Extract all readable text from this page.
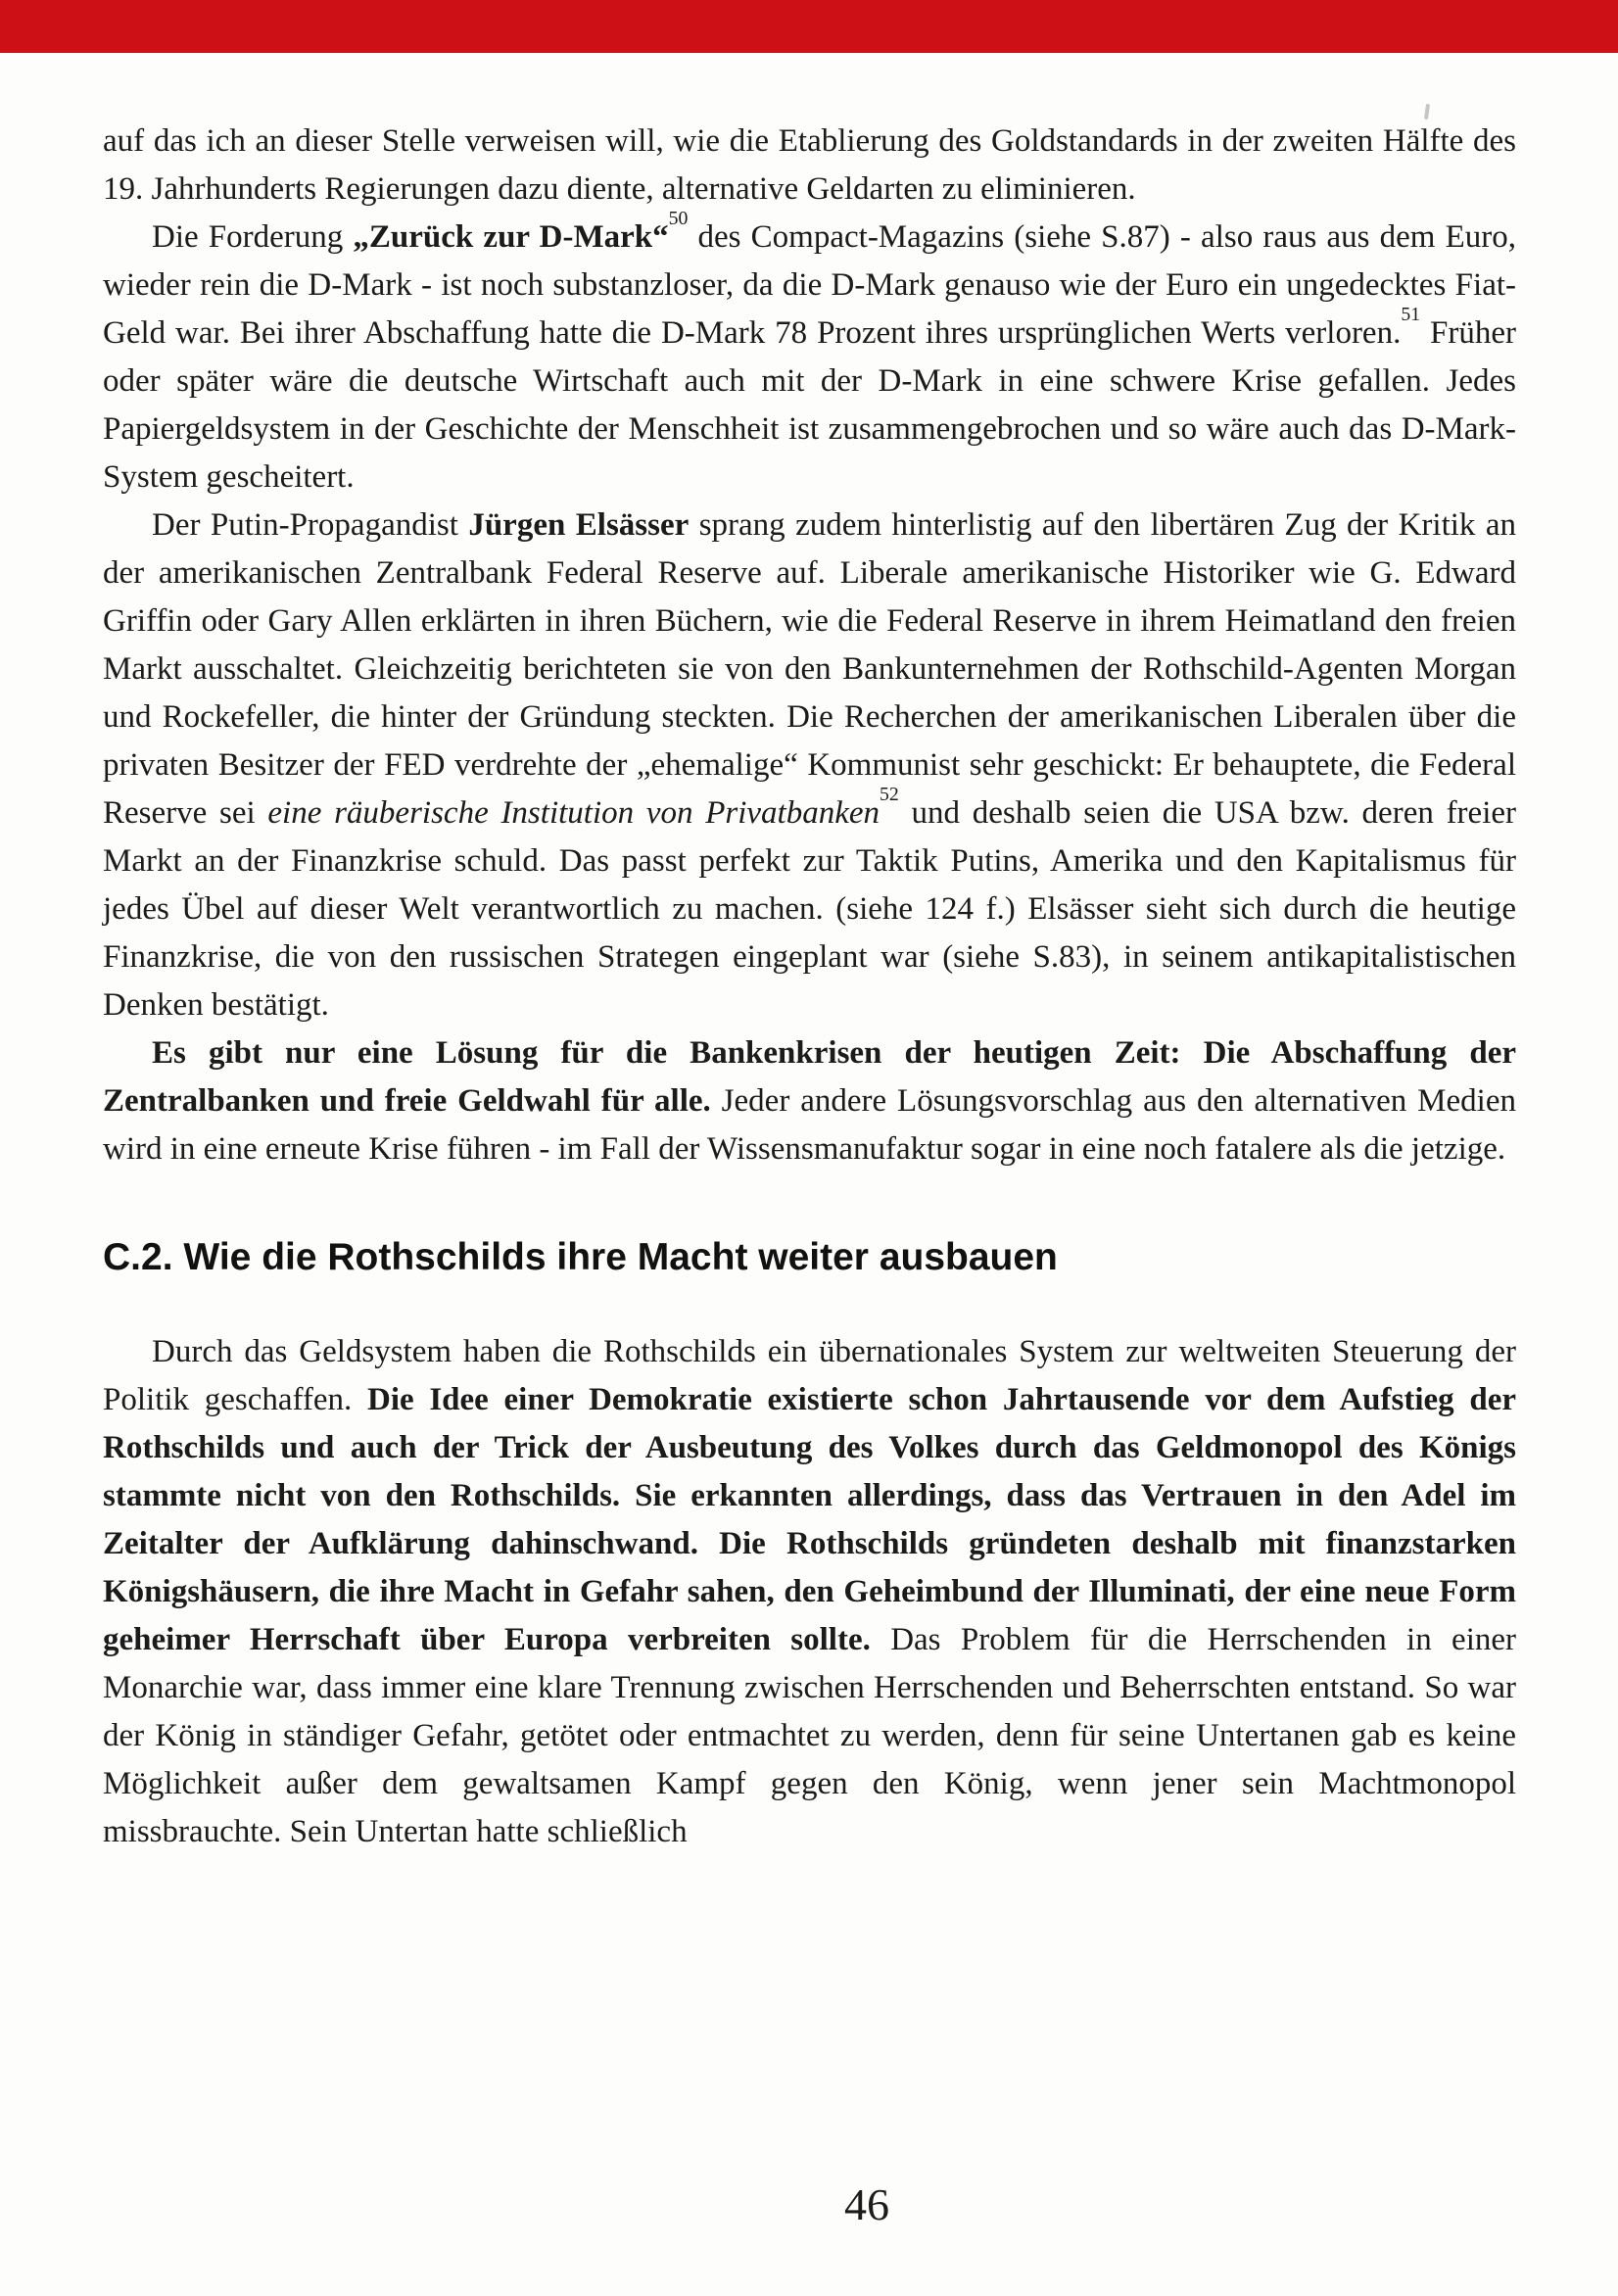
auf das ich an dieser Stelle verweisen will, wie die Etablierung des Goldstandards in der zweiten Hälfte des 19. Jahrhunderts Regierungen dazu diente, alternative Geldarten zu eliminieren.

Die Forderung „Zurück zur D-Mark“$^{50}$ des Compact-Magazins (siehe S.87) - also raus aus dem Euro, wieder rein die D-Mark - ist noch substanzloser, da die D-Mark genauso wie der Euro ein ungedecktes Fiat-Geld war. Bei ihrer Abschaffung hatte die D-Mark 78 Prozent ihres ursprünglichen Werts verloren.$^{51}$ Früher oder später wäre die deutsche Wirtschaft auch mit der D-Mark in eine schwere Krise gefallen. Jedes Papiergeldsystem in der Geschichte der Menschheit ist zusammengebrochen und so wäre auch das D-Mark-System gescheitert.

Der Putin-Propagandist Jürgen Elsässer sprang zudem hinterlistig auf den libertären Zug der Kritik an der amerikanischen Zentralbank Federal Reserve auf. Liberale amerikanische Historiker wie G. Edward Griffin oder Gary Allen erklärten in ihren Büchern, wie die Federal Reserve in ihrem Heimatland den freien Markt ausschaltet. Gleichzeitig berichteten sie von den Bankunternehmen der Rothschild-Agenten Morgan und Rockefeller, die hinter der Gründung steckten. Die Recherchen der amerikanischen Liberalen über die privaten Besitzer der FED verdrehte der „ehemalige“ Kommunist sehr geschickt: Er behauptete, die Federal Reserve sei eine räuberische Institution von Privatbanken$^{52}$ und deshalb seien die USA bzw. deren freier Markt an der Finanzkrise schuld. Das passt perfekt zur Taktik Putins, Amerika und den Kapitalismus für jedes Übel auf dieser Welt verantwortlich zu machen. (siehe 124 f.) Elsässer sieht sich durch die heutige Finanzkrise, die von den russischen Strategen eingeplant war (siehe S.83), in seinem antikapitalistischen Denken bestätigt.

Es gibt nur eine Lösung für die Bankenkrisen der heutigen Zeit: Die Abschaffung der Zentralbanken und freie Geldwahl für alle. Jeder andere Lösungsvorschlag aus den alternativen Medien wird in eine erneute Krise führen - im Fall der Wissensmanufaktur sogar in eine noch fatalere als die jetzige.

C.2. Wie die Rothschilds ihre Macht weiter ausbauen

Durch das Geldsystem haben die Rothschilds ein übernationales System zur weltweiten Steuerung der Politik geschaffen. Die Idee einer Demokratie existierte schon Jahrtausende vor dem Aufstieg der Rothschilds und auch der Trick der Ausbeutung des Volkes durch das Geldmonopol des Königs stammte nicht von den Rothschilds. Sie erkannten allerdings, dass das Vertrauen in den Adel im Zeitalter der Aufklärung dahinschwand. Die Rothschilds gründeten deshalb mit finanzstarken Königshäusern, die ihre Macht in Gefahr sahen, den Geheimbund der Illuminati, der eine neue Form geheimer Herrschaft über Europa verbreiten sollte. Das Problem für die Herrschenden in einer Monarchie war, dass immer eine klare Trennung zwischen Herrschenden und Beherrschten entstand. So war der König in ständiger Gefahr, getötet oder entmachtet zu werden, denn für seine Untertanen gab es keine Möglichkeit außer dem gewaltsamen Kampf gegen den König, wenn jener sein Machtmonopol missbrauchte. Sein Untertan hatte schließlich

46
